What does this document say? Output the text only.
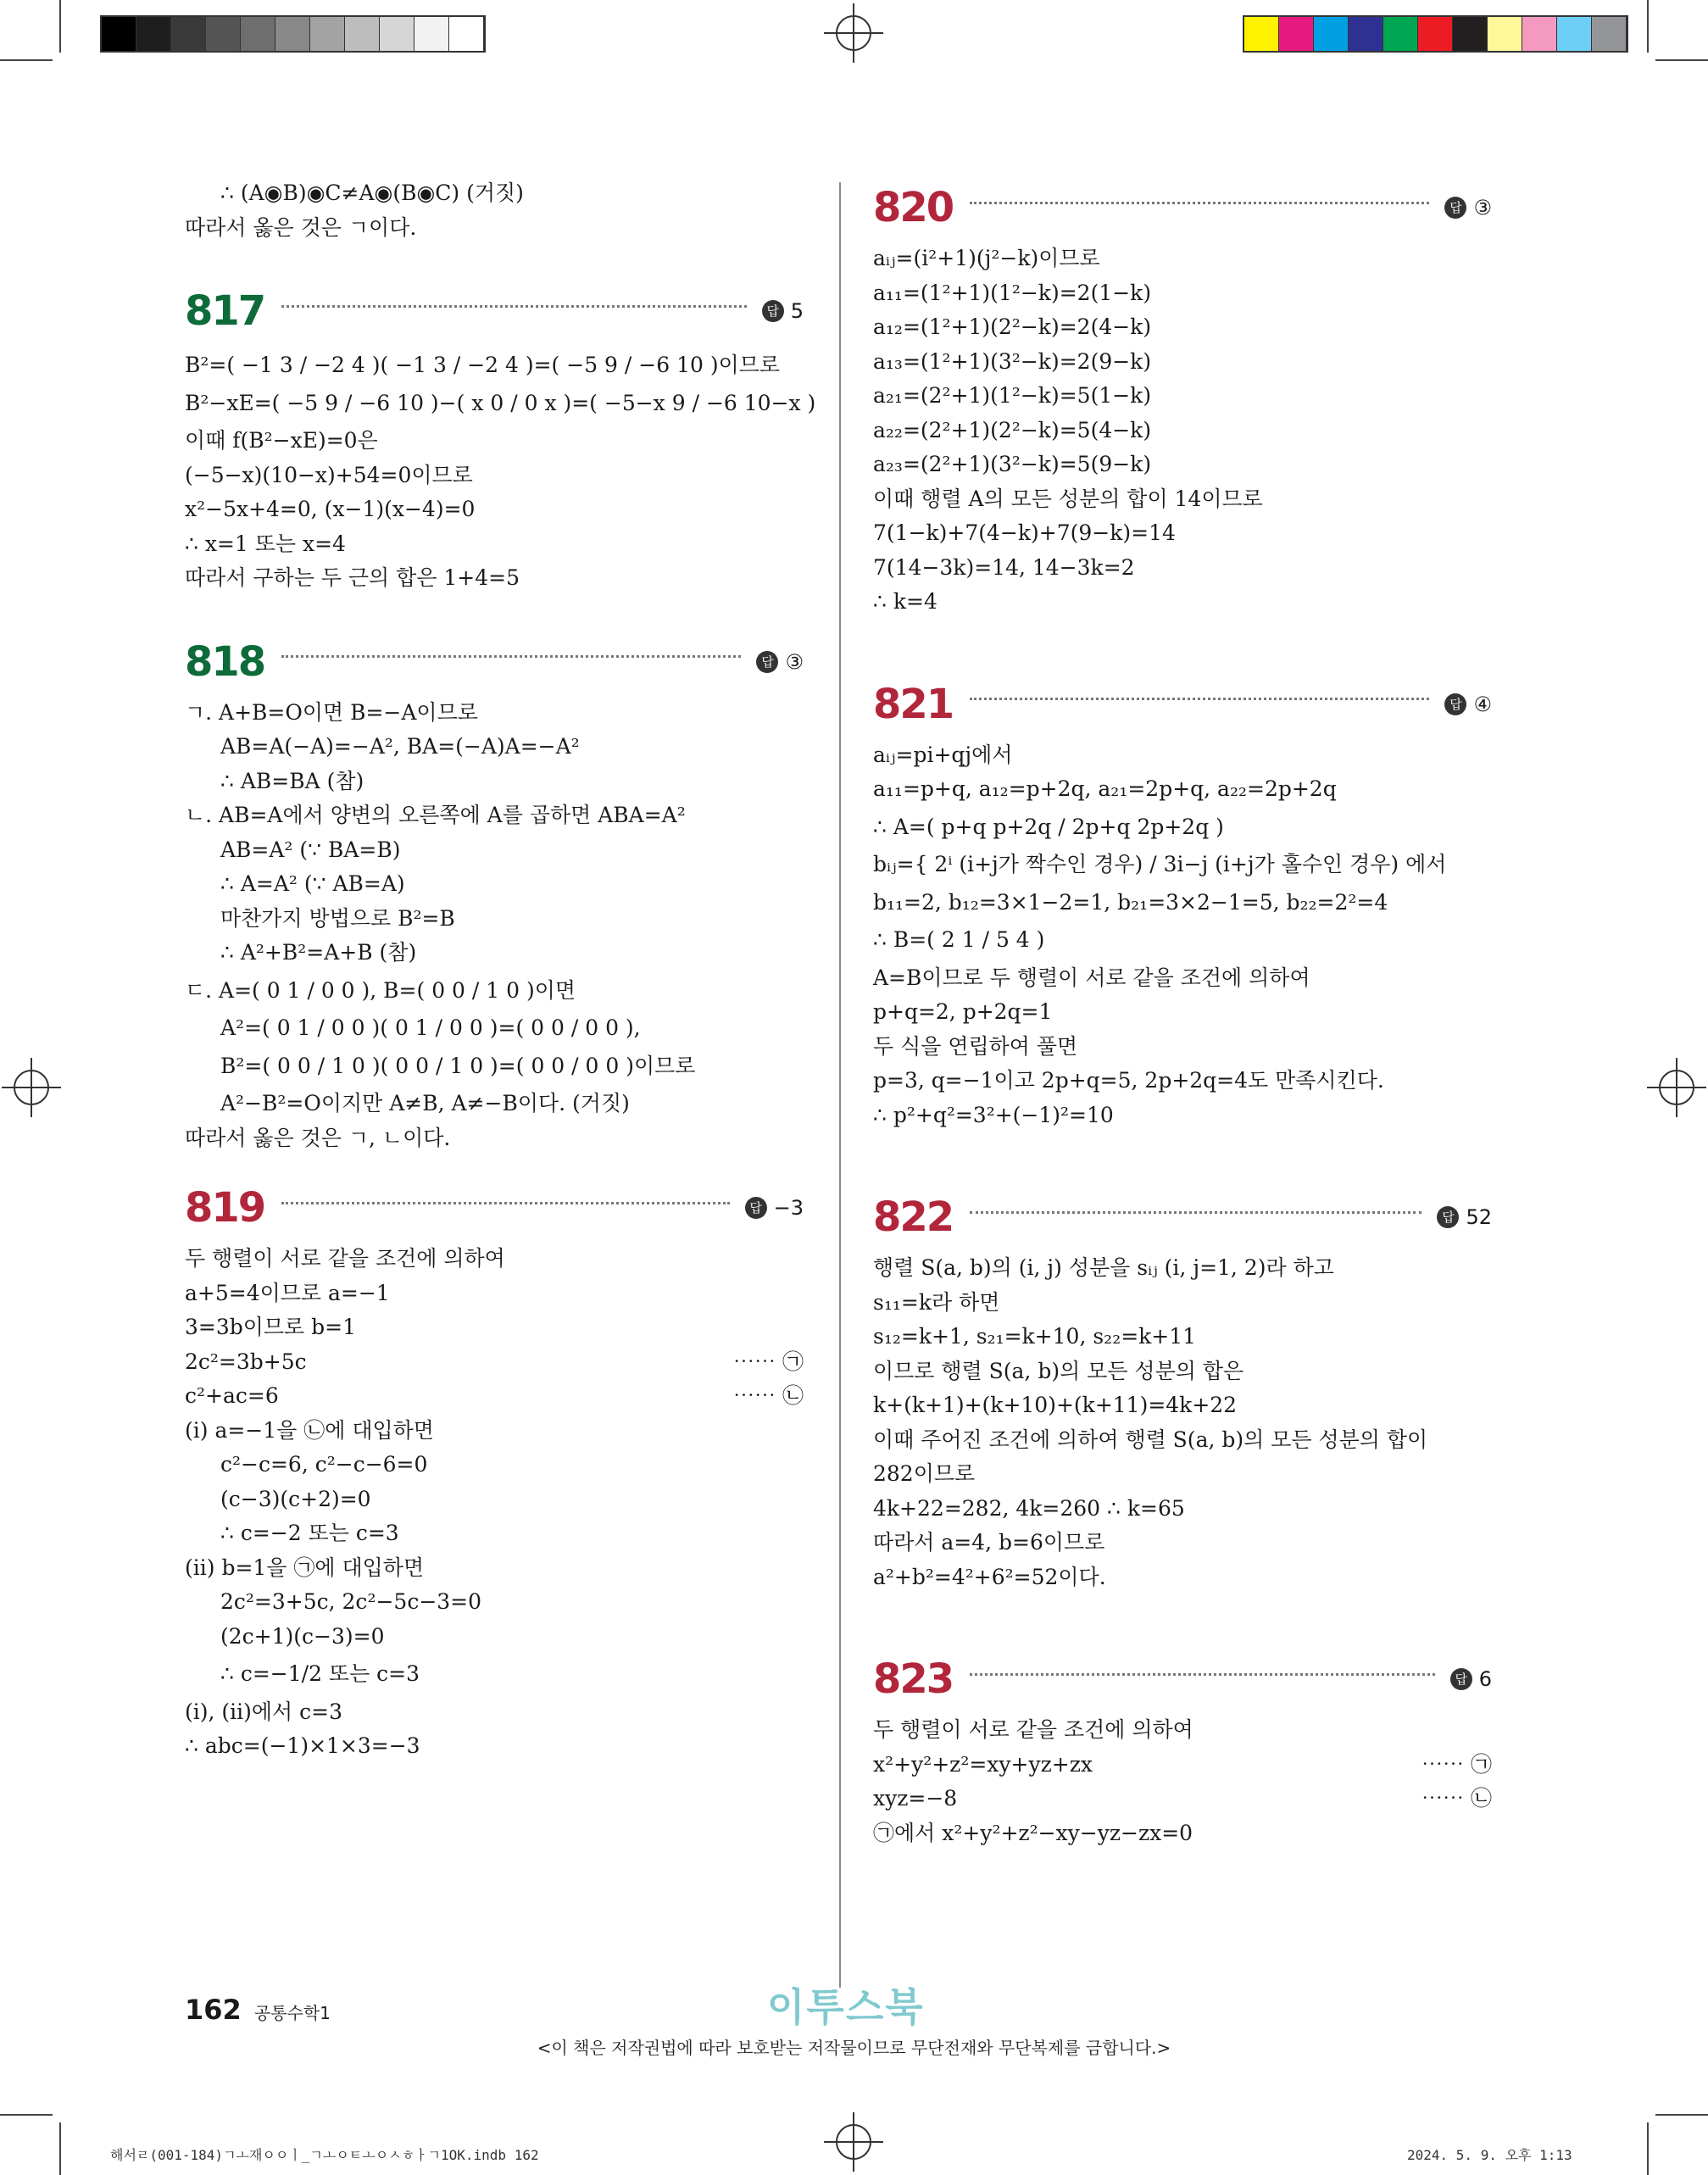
∴ (A◉B)◉C≠A◉(B◉C) (거짓)
따라서 옳은 것은 ㄱ이다.
817	답 5
B²=( −1 3 / −2 4 )( −1 3 / −2 4 )=( −5 9 / −6 10 )이므로
B²−xE=( −5 9 / −6 10 )−( x 0 / 0 x )=( −5−x 9 / −6 10−x )
이때 f(B²−xE)=0은
(−5−x)(10−x)+54=0이므로
x²−5x+4=0, (x−1)(x−4)=0
∴ x=1 또는 x=4
따라서 구하는 두 근의 합은 1+4=5
818	답 ③
ㄱ. A+B=O이면 B=−A이므로
AB=A(−A)=−A², BA=(−A)A=−A²
∴ AB=BA (참)
ㄴ. AB=A에서 양변의 오른쪽에 A를 곱하면 ABA=A²
AB=A² (∵ BA=B)
∴ A=A² (∵ AB=A)
마찬가지 방법으로 B²=B
∴ A²+B²=A+B (참)
ㄷ. A=( 0 1 / 0 0 ), B=( 0 0 / 1 0 )이면
A²=( 0 1 / 0 0 )( 0 1 / 0 0 )=( 0 0 / 0 0 ),
B²=( 0 0 / 1 0 )( 0 0 / 1 0 )=( 0 0 / 0 0 )이므로
A²−B²=O이지만 A≠B, A≠−B이다. (거짓)
따라서 옳은 것은 ㄱ, ㄴ이다.
819	답 −3
두 행렬이 서로 같을 조건에 의하여
a+5=4이므로 a=−1
3=3b이므로 b=1
2c²=3b+5c	⋯⋯ ㉠
c²+ac=6	⋯⋯ ㉡
(i) a=−1을 ㉡에 대입하면
c²−c=6, c²−c−6=0
(c−3)(c+2)=0
∴ c=−2 또는 c=3
(ii) b=1을 ㉠에 대입하면
2c²=3+5c, 2c²−5c−3=0
(2c+1)(c−3)=0
∴ c=−1/2 또는 c=3
(i), (ii)에서 c=3
∴ abc=(−1)×1×3=−3
820	답 ③
aᵢⱼ=(i²+1)(j²−k)이므로
a₁₁=(1²+1)(1²−k)=2(1−k)
a₁₂=(1²+1)(2²−k)=2(4−k)
a₁₃=(1²+1)(3²−k)=2(9−k)
a₂₁=(2²+1)(1²−k)=5(1−k)
a₂₂=(2²+1)(2²−k)=5(4−k)
a₂₃=(2²+1)(3²−k)=5(9−k)
이때 행렬 A의 모든 성분의 합이 14이므로
7(1−k)+7(4−k)+7(9−k)=14
7(14−3k)=14, 14−3k=2
∴ k=4
821	답 ④
aᵢⱼ=pi+qj에서
a₁₁=p+q, a₁₂=p+2q, a₂₁=2p+q, a₂₂=2p+2q
∴ A=( p+q p+2q / 2p+q 2p+2q )
bᵢⱼ={ 2ⁱ (i+j가 짝수인 경우) / 3i−j (i+j가 홀수인 경우) 에서
b₁₁=2, b₁₂=3×1−2=1, b₂₁=3×2−1=5, b₂₂=2²=4
∴ B=( 2 1 / 5 4 )
A=B이므로 두 행렬이 서로 같을 조건에 의하여
p+q=2, p+2q=1
두 식을 연립하여 풀면
p=3, q=−1이고 2p+q=5, 2p+2q=4도 만족시킨다.
∴ p²+q²=3²+(−1)²=10
822	답 52
행렬 S(a, b)의 (i, j) 성분을 sᵢⱼ (i, j=1, 2)라 하고
s₁₁=k라 하면
s₁₂=k+1, s₂₁=k+10, s₂₂=k+11
이므로 행렬 S(a, b)의 모든 성분의 합은
k+(k+1)+(k+10)+(k+11)=4k+22
이때 주어진 조건에 의하여 행렬 S(a, b)의 모든 성분의 합이
282이므로
4k+22=282, 4k=260 ∴ k=65
따라서 a=4, b=6이므로
a²+b²=4²+6²=52이다.
823	답 6
두 행렬이 서로 같을 조건에 의하여
x²+y²+z²=xy+yz+zx	⋯⋯ ㉠
xyz=−8	⋯⋯ ㉡
㉠에서 x²+y²+z²−xy−yz−zx=0
162 공통수학1	이투스북
<이 책은 저작권법에 따라 보호받는 저작물이므로 무단전재와 무단복제를 금합니다.>
해서ㄹ(001-184)ㄱㅗ재ㅇㅇㅣ_ㄱㅗㅇㅌㅗㅇㅅㅎㅏㄱ1OK.indb 162	2024. 5. 9. 오후 1:13
